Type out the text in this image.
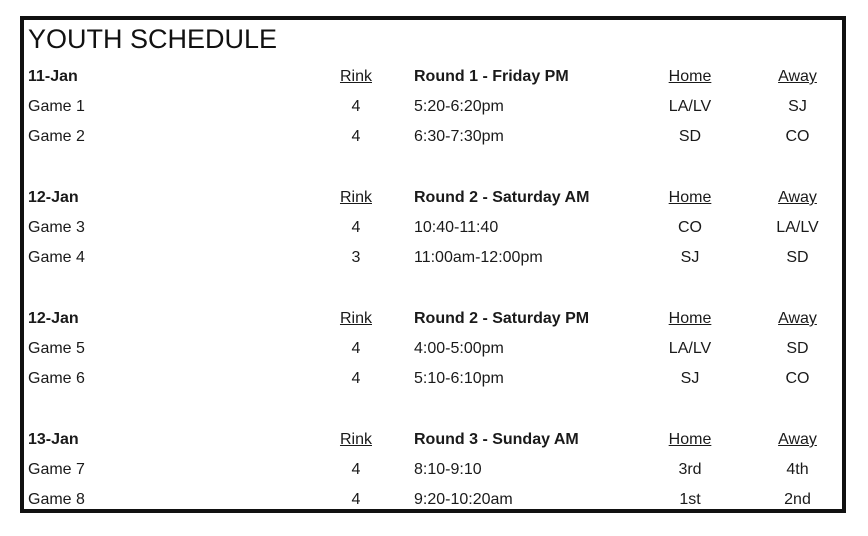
YOUTH SCHEDULE
11-Jan	Rink	Round 1 - Friday PM	Home	Away
Game 1	4	5:20-6:20pm	LA/LV	SJ
Game 2	4	6:30-7:30pm	SD	CO
12-Jan	Rink	Round 2 - Saturday AM	Home	Away
Game 3	4	10:40-11:40	CO	LA/LV
Game 4	3	11:00am-12:00pm	SJ	SD
12-Jan	Rink	Round 2 - Saturday PM	Home	Away
Game 5	4	4:00-5:00pm	LA/LV	SD
Game 6	4	5:10-6:10pm	SJ	CO
13-Jan	Rink	Round 3 - Sunday AM	Home	Away
Game 7	4	8:10-9:10	3rd	4th
Game 8	4	9:20-10:20am	1st	2nd
